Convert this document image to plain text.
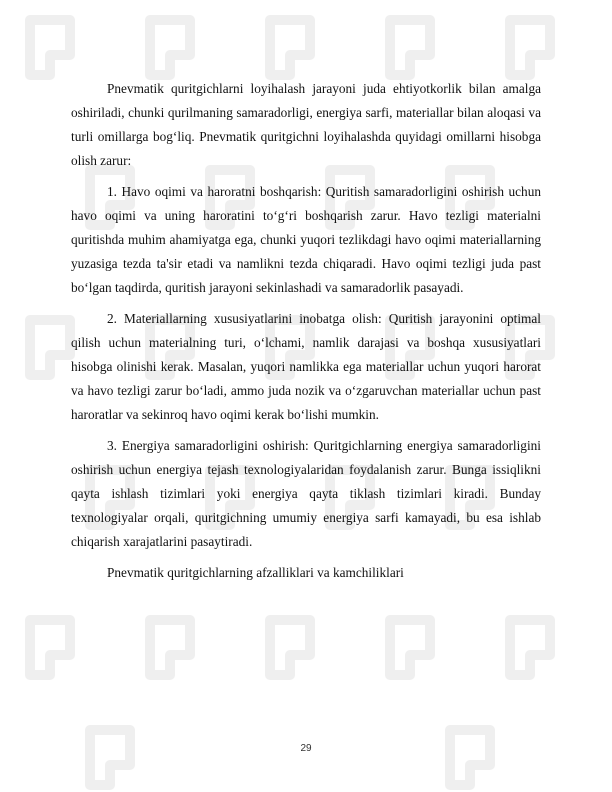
Pnevmatik quritgichlarni loyihalash jarayoni juda ehtiyotkorlik bilan amalga oshiriladi, chunki qurilmaning samaradorligi, energiya sarfi, materiallar bilan aloqasi va turli omillarga bog‘liq. Pnevmatik quritgichni loyihalashda quyidagi omillarni hisobga olish zarur:

1. Havo oqimi va haroratni boshqarish: Quritish samaradorligini oshirish uchun havo oqimi va uning haroratini to‘g‘ri boshqarish zarur. Havo tezligi materialni quritishda muhim ahamiyatga ega, chunki yuqori tezlikdagi havo oqimi materiallarning yuzasiga tezda ta'sir etadi va namlikni tezda chiqaradi. Havo oqimi tezligi juda past bo‘lgan taqdirda, quritish jarayoni sekinlashadi va samaradorlik pasayadi.

2. Materiallarning xususiyatlarini inobatga olish: Quritish jarayonini optimal qilish uchun materialning turi, o‘lchami, namlik darajasi va boshqa xususiyatlari hisobga olinishi kerak. Masalan, yuqori namlikka ega materiallar uchun yuqori harorat va havo tezligi zarur bo‘ladi, ammo juda nozik va o‘zgaruvchan materiallar uchun past haroratlar va sekinroq havo oqimi kerak bo‘lishi mumkin.

3. Energiya samaradorligini oshirish: Quritgichlarning energiya samaradorligini oshirish uchun energiya tejash texnologiyalaridan foydalanish zarur. Bunga issiqlikni qayta ishlash tizimlari yoki energiya qayta tiklash tizimlari kiradi. Bunday texnologiyalar orqali, quritgichning umumiy energiya sarfi kamayadi, bu esa ishlab chiqarish xarajatlarini pasaytiradi.

Pnevmatik quritgichlarning afzalliklari va kamchiliklari

29
